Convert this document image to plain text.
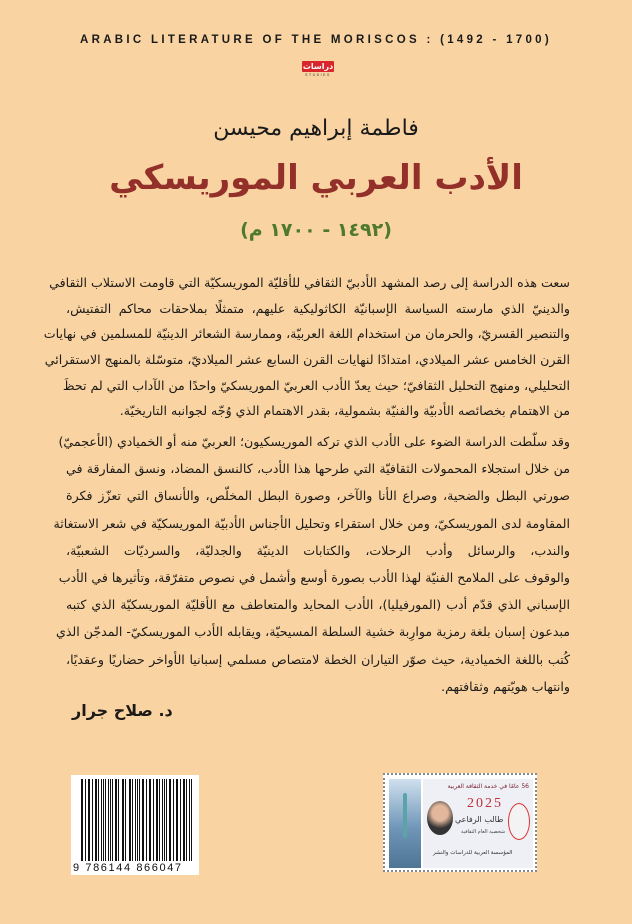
ARABIC LITERATURE OF THE MORISCOS : (1492 - 1700)
دراسات
STUDIES
فاطمة إبراهيم محيسن
الأدب العربي الموريسكي
(١٤٩٢ - ١٧٠٠ م)
سعت هذه الدراسة إلى رصد المشهد الأدبيّ الثقافي للأقليّة الموريسكيّة التي قاومت الاستلاب الثقافي
والدينيّ الذي مارسته السياسة الإسبانيّة الكاثوليكية عليهم، متمثلًا بملاحقات محاكم التفتيش،
والتنصير القسريّ، والحرمان من استخدام اللغة العربيّة، وممارسة الشعائر الدينيّة للمسلمين في نهايات
القرن الخامس عشر الميلادي، امتدادًا لنهايات القرن السابع عشر الميلاديّ، متوسّلة بالمنهج الاستقرائي
التحليلي، ومنهج التحليل الثقافيّ؛ حيث يعدّ الأدب العربيّ الموريسكيّ واحدًا من الآداب التي لم تحظَ
من الاهتمام بخصائصه الأدبيّة والفنيّة بشمولية، بقدر الاهتمام الذي وُجّه لجوانبه التاريخيّة.
وقد سلّطت الدراسة الضوء على الأدب الذي تركه الموريسكيون؛ العربيّ منه أو الخميادي (الأعجميّ)
من خلال استجلاء المحمولات الثقافيّة التي طرحها هذا الأدب، كالنسق المضاد، ونسق المفارقة في
صورتي البطل والضحية، وصراع الأنا والآخر، وصورة البطل المخلّص، والأنساق التي تعزّز فكرة
المقاومة لدى الموريسكيّ، ومن خلال استقراء وتحليل الأجناس الأدبيّة الموريسكيّة في شعر الاستغاثة
والندب، والرسائل وأدب الرحلات، والكتابات الدينيّة والجدليّة، والسرديّات الشعبيّة،
والوقوف على الملامح الفنيّة لهذا الأدب بصورة أوسع وأشمل في نصوص متفرّقة، وتأثيرها في الأدب
الإسباني الذي قدّم أدب (المورفيليا)، الأدب المحايد والمتعاطف مع الأقليّة الموريسكيّة الذي كتبه
مبدعون إسبان بلغة رمزية موارِبة خشية السلطة المسيحيّة، ويقابله الأدب الموريسكيّ- المدجّن الذي
كُتب باللغة الخميادية، حيث صوّر التياران الخطة لامتصاص مسلمي إسبانيا الأواخر حضاريًا وعقديًا،
وانتهاب هويّتهم وثقافتهم.
د. صلاح جرار
9 786144 866047
56 عامًا في خدمة الثقافة العربية
2025
طالب الرفاعي
شخصية العام الثقافية
المؤسسة العربية للدراسات والنشر
